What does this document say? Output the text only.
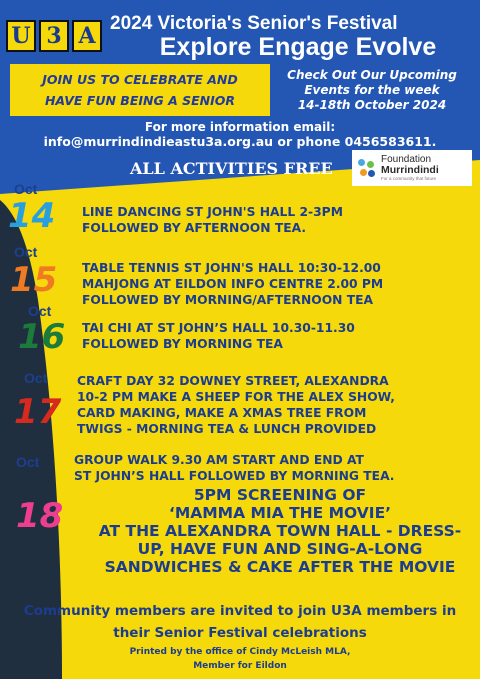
U 3 A 2024 Victoria's Senior's Festival
Explore Engage Evolve
JOIN US TO CELEBRATE AND
HAVE FUN BEING A SENIOR
Check Out Our Upcoming
Events for the week
14-18th October 2024
For more information email:
info@murrindindieastu3a.org.au or phone 0456583611.
ALL ACTIVITIES FREE	Foundation
Murrindindi
For a community that future
Oct
14 LINE DANCING ST JOHN'S HALL 2-3PM
FOLLOWED BY AFTERNOON TEA.
Oct
15 TABLE TENNIS ST JOHN'S HALL 10:30-12.00
MAHJONG AT EILDON INFO CENTRE 2.00 PM
FOLLOWED BY MORNING/AFTERNOON TEA
Oct
16 TAI CHI AT ST JOHN’S HALL 10.30-11.30
FOLLOWED BY MORNING TEA
Oct
17
CRAFT DAY 32 DOWNEY STREET, ALEXANDRA
10-2 PM MAKE A SHEEP FOR THE ALEX SHOW,
CARD MAKING, MAKE A XMAS TREE FROM
TWIGS - MORNING TEA & LUNCH PROVIDED
Oct
18
GROUP WALK 9.30 AM START AND END AT
ST JOHN’S HALL FOLLOWED BY MORNING TEA.
5PM SCREENING OF
‘MAMMA MIA THE MOVIE’
AT THE ALEXANDRA TOWN HALL - DRESS-
UP, HAVE FUN AND SING-A-LONG
SANDWICHES & CAKE AFTER THE MOVIE
Community members are invited to join U3A members in
their Senior Festival celebrations
Printed by the office of Cindy McLeish MLA,
Member for Eildon
